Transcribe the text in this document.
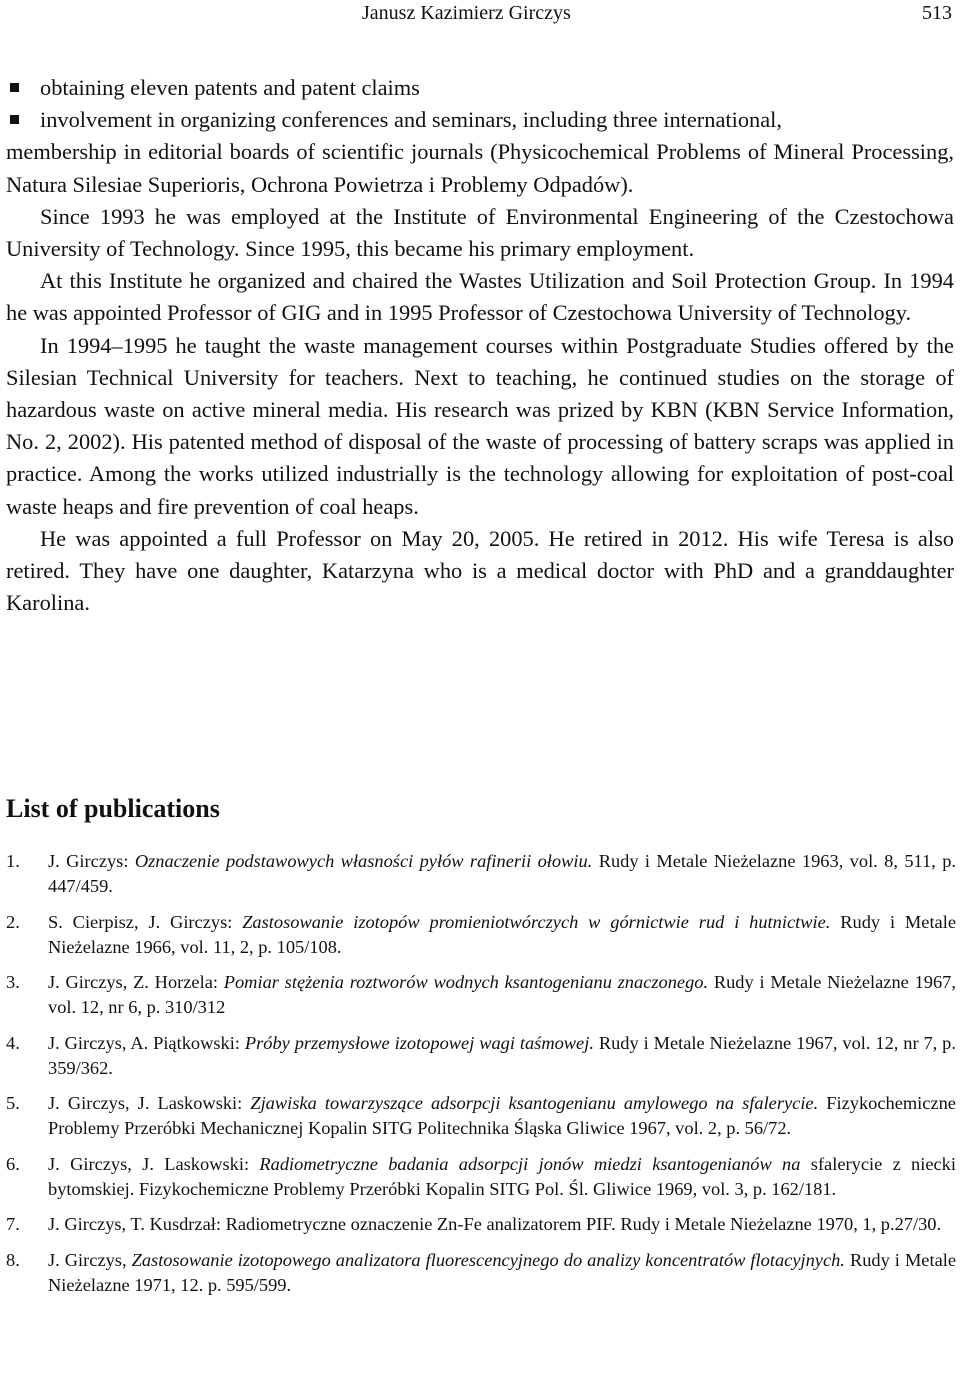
Janusz Kazimierz Girczys	513

obtaining eleven patents and patent claims

involvement in organizing conferences and seminars, including three international,

membership in editorial boards of scientific journals (Physicochemical Problems of Mineral Processing, Natura Silesiae Superioris, Ochrona Powietrza i Problemy Odpadów).

Since 1993 he was employed at the Institute of Environmental Engineering of the Czestochowa University of Technology. Since 1995, this became his primary employment.

At this Institute he organized and chaired the Wastes Utilization and Soil Protection Group. In 1994 he was appointed Professor of GIG and in 1995 Professor of Czestochowa University of Technology.

In 1994–1995 he taught the waste management courses within Postgraduate Studies offered by the Silesian Technical University for teachers. Next to teaching, he continued studies on the storage of hazardous waste on active mineral media. His research was prized by KBN (KBN Service Information, No. 2, 2002). His patented method of disposal of the waste of processing of battery scraps was applied in practice. Among the works utilized industrially is the technology allowing for exploitation of post-coal waste heaps and fire prevention of coal heaps.

He was appointed a full Professor on May 20, 2005. He retired in 2012. His wife Teresa is also retired. They have one daughter, Katarzyna who is a medical doctor with PhD and a granddaughter Karolina.

List of publications
1. J. Girczys: Oznaczenie podstawowych własności pyłów rafinerii ołowiu. Rudy i Metale Nieżelazne 1963, vol. 8, 511, p. 447/459.
2. S. Cierpisz, J. Girczys: Zastosowanie izotopów promieniotwórczych w górnictwie rud i hutnictwie. Rudy i Metale Nieżelazne 1966, vol. 11, 2, p. 105/108.
3. J. Girczys, Z. Horzela: Pomiar stężenia roztworów wodnych ksantogenianu znaczonego. Rudy i Metale Nieżelazne 1967, vol. 12, nr 6, p. 310/312
4. J. Girczys, A. Piątkowski: Próby przemysłowe izotopowej wagi taśmowej. Rudy i Metale Nieżelazne 1967, vol. 12, nr 7, p. 359/362.
5. J. Girczys, J. Laskowski: Zjawiska towarzyszące adsorpcji ksantogenianu amylowego na sfalerycie. Fizykochemiczne Problemy Przeróbki Mechanicznej Kopalin SITG Politechnika Śląska Gliwice 1967, vol. 2, p. 56/72.
6. J. Girczys, J. Laskowski: Radiometryczne badania adsorpcji jonów miedzi ksantogenianów na sfalerycie z niecki bytomskiej. Fizykochemiczne Problemy Przeróbki Kopalin SITG Pol. Śl. Gliwice 1969, vol. 3, p. 162/181.
7. J. Girczys, T. Kusdrzał: Radiometryczne oznaczenie Zn-Fe analizatorem PIF. Rudy i Metale Nieżelazne 1970, 1, p.27/30.
8. J. Girczys, Zastosowanie izotopowego analizatora fluorescencyjnego do analizy koncentratów flotacyjnych. Rudy i Metale Nieżelazne 1971, 12. p. 595/599.
